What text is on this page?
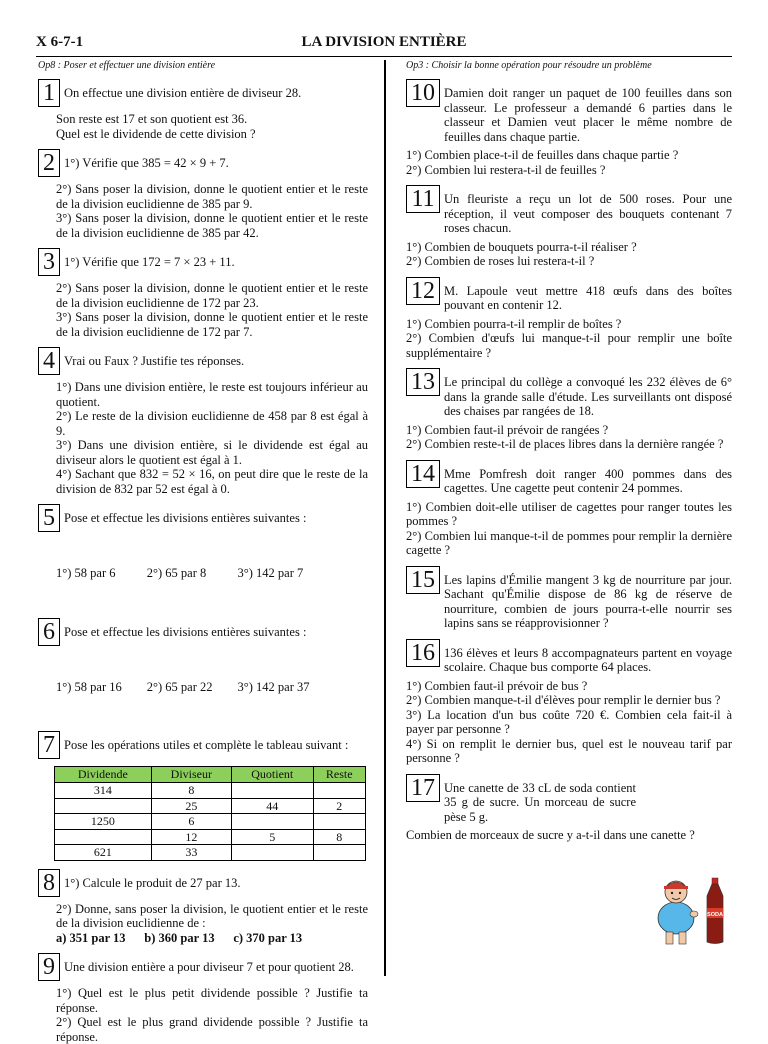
X 6-7-1	LA DIVISION ENTIÈRE
Op8 : Poser et effectuer une division entière
1 On effectue une division entière de diviseur 28.
Son reste est 17 et son quotient est 36.
Quel est le dividende de cette division ?
2 1°) Vérifie que 385 = 42 × 9 + 7.
2°) Sans poser la division, donne le quotient entier et le reste de la division euclidienne de 385 par 9.
3°) Sans poser la division, donne le quotient entier et le reste de la division euclidienne de 385 par 42.
3 1°) Vérifie que 172 = 7 × 23 + 11.
2°) Sans poser la division, donne le quotient entier et le reste de la division euclidienne de 172 par 23.
3°) Sans poser la division, donne le quotient entier et le reste de la division euclidienne de 172 par 7.
4 Vrai ou Faux ? Justifie tes réponses.
1°) Dans une division entière, le reste est toujours inférieur au quotient.
2°) Le reste de la division euclidienne de 458 par 8 est égal à 9.
3°) Dans une division entière, si le dividende est égal au diviseur alors le quotient est égal à 1.
4°) Sachant que 832 = 52 × 16, on peut dire que le reste de la division de 832 par 52 est égal à 0.
5 Pose et effectue les divisions entières suivantes :

1°) 58 par 6          2°) 65 par 8          3°) 142 par 7

6 Pose et effectue les divisions entières suivantes :

1°) 58 par 16        2°) 65 par 22        3°) 142 par 37

7 Pose les opérations utiles et complète le tableau suivant :
Dividende	Diviseur	Quotient	Reste
314	8		
	25	44	2
1250	6		
	12	5	8
621	33		
8 1°) Calcule le produit de 27 par 13.
2°) Donne, sans poser la division, le quotient entier et le reste de la division euclidienne de :
a) 351 par 13      b) 360 par 13      c) 370 par 13
9 Une division entière a pour diviseur 7 et pour quotient 28.
1°) Quel est le plus petit dividende possible ? Justifie ta réponse.
2°) Quel est le plus grand dividende possible ? Justifie ta réponse.
Op3 : Choisir la bonne opération pour résoudre un problème
10 Damien doit ranger un paquet de 100 feuilles dans son classeur. Le professeur a demandé 6 parties dans le classeur et Damien veut placer le même nombre de feuilles dans chaque partie.
1°) Combien place-t-il de feuilles dans chaque partie ?
2°) Combien lui restera-t-il de feuilles ?
11 Un fleuriste a reçu un lot de 500 roses. Pour une réception, il veut composer des bouquets contenant 7 roses chacun.
1°) Combien de bouquets pourra-t-il réaliser ?
2°) Combien de roses lui restera-t-il ?
12 M. Lapoule veut mettre 418 œufs dans des boîtes pouvant en contenir 12.
1°) Combien pourra-t-il remplir de boîtes ?
2°) Combien d'œufs lui manque-t-il pour remplir une boîte supplémentaire ?
13 Le principal du collège a convoqué les 232 élèves de 6° dans la grande salle d'étude. Les surveillants ont disposé des chaises par rangées de 18.
1°) Combien faut-il prévoir de rangées ?
2°) Combien reste-t-il de places libres dans la dernière rangée ?
14 Mme Pomfresh doit ranger 400 pommes dans des cagettes. Une cagette peut contenir 24 pommes.
1°) Combien doit-elle utiliser de cagettes pour ranger toutes les pommes ?
2°) Combien lui manque-t-il de pommes pour remplir la dernière cagette ?
15 Les lapins d'Émilie mangent 3 kg de nourriture par jour. Sachant qu'Émilie dispose de 86 kg de réserve de nourriture, combien de jours pourra-t-elle nourrir ses lapins sans se réapprovisionner ?
16 136 élèves et leurs 8 accompagnateurs partent en voyage scolaire. Chaque bus comporte 64 places.
1°) Combien faut-il prévoir de bus ?
2°) Combien manque-t-il d'élèves pour remplir le dernier bus ?
3°) La location d'un bus coûte 720 €. Combien cela fait-il à payer par personne ?
4°) Si on remplit le dernier bus, quel est le nouveau tarif par personne ?
17 Une canette de 33 cL de soda contient 35 g de sucre. Un morceau de sucre pèse 5 g.
Combien de morceaux de sucre y a-t-il dans une canette ?
SODA
